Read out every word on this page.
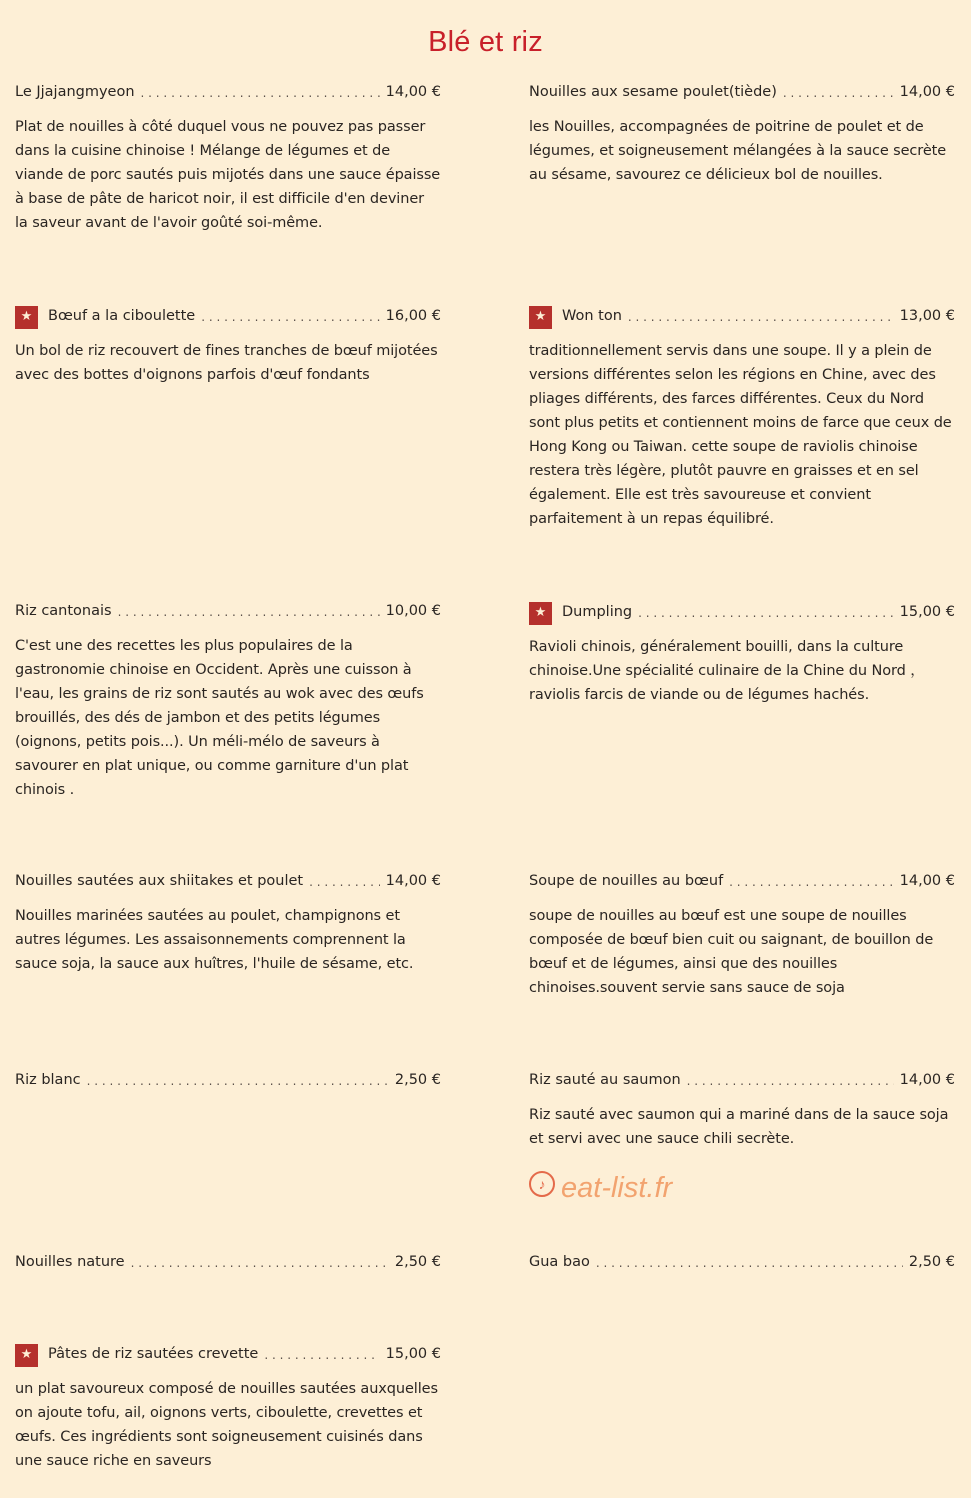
Blé et riz
Le Jjajangmyeon . . .	14,00 €
Plat de nouilles à côté duquel vous ne pouvez pas passer dans la cuisine chinoise ! Mélange de légumes et de viande de porc sautés puis mijotés dans une sauce épaisse à base de pâte de haricot noir, il est difficile d'en deviner la saveur avant de l'avoir goûté soi-même.
Nouilles aux sesame poulet(tiède) . . .	14,00 €
les Nouilles, accompagnées de poitrine de poulet et de légumes, et soigneusement mélangées à la sauce secrète au sésame, savourez ce délicieux bol de nouilles.
★	Bœuf a la ciboulette . . .	16,00 €
Un bol de riz recouvert de fines tranches de bœuf mijotées avec des bottes d'oignons parfois d'œuf fondants
★	Won ton . . .	13,00 €
traditionnellement servis dans une soupe. Il y a plein de versions différentes selon les régions en Chine, avec des pliages différents, des farces différentes. Ceux du Nord sont plus petits et contiennent moins de farce que ceux de Hong Kong ou Taiwan. cette soupe de raviolis chinoise restera très légère, plutôt pauvre en graisses et en sel également. Elle est très savoureuse et convient parfaitement à un repas équilibré.
Riz cantonais . . .	10,00 €
C'est une des recettes les plus populaires de la gastronomie chinoise en Occident. Après une cuisson à l'eau, les grains de riz sont sautés au wok avec des œufs brouillés, des dés de jambon et des petits légumes (oignons, petits pois...). Un méli-mélo de saveurs à savourer en plat unique, ou comme garniture d'un plat chinois .
★	Dumpling . . .	15,00 €
Ravioli chinois, généralement bouilli, dans la culture chinoise.Une spécialité culinaire de la Chine du Nord ， raviolis farcis de viande ou de légumes hachés.
Nouilles sautées aux shiitakes et poulet . . .	14,00 €
Nouilles marinées sautées au poulet, champignons et autres légumes. Les assaisonnements comprennent la sauce soja, la sauce aux huîtres, l'huile de sésame, etc.
Soupe de nouilles au bœuf . . .	14,00 €
soupe de nouilles au bœuf est une soupe de nouilles composée de bœuf bien cuit ou saignant, de bouillon de bœuf et de légumes, ainsi que des nouilles chinoises.souvent servie sans sauce de soja
Riz blanc . . .	2,50 €	Riz sauté au saumon . . .	14,00 €
Riz sauté avec saumon qui a mariné dans de la sauce soja et servi avec une sauce chili secrète.
♪ eat-list.fr
Nouilles nature . . .	2,50 €	Gua bao . . .	2,50 €
★	Pâtes de riz sautées crevette . . .	15,00 €
un plat savoureux composé de nouilles sautées auxquelles on ajoute tofu, ail, oignons verts, ciboulette, crevettes et œufs. Ces ingrédients sont soigneusement cuisinés dans une sauce riche en saveurs
